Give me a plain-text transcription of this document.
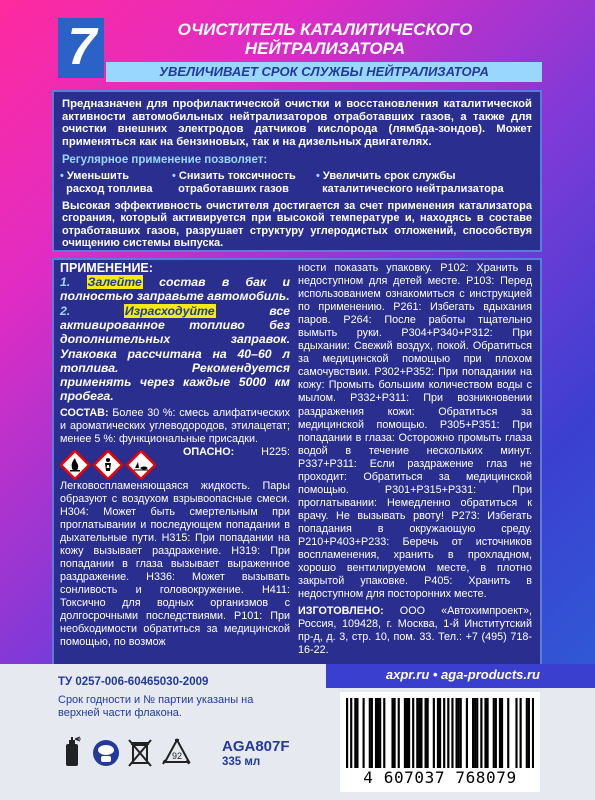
7	ОЧИСТИТЕЛЬ КАТАЛИТИЧЕСКОГО
НЕЙТРАЛИЗАТОРА
УВЕЛИЧИВАЕТ СРОК СЛУЖБЫ НЕЙТРАЛИЗАТОРА
Предназначен для профилактической очистки и восстановления каталитической активности автомобильных нейтрализаторов отработавших газов, а также для очистки внешних электродов датчиков кислорода (лямбда-зондов). Может применяться как на бензиновых, так и на дизельных двигателях.
Регулярное применение позволяет:
• Уменьшить
расход топлива
• Снизить токсичность
отработавших газов
• Увеличить срок службы
каталитического нейтрализатора
Высокая эффективность очистителя достигается за счет применения катализатора сгорания, который активируется при высокой температуре и, находясь в составе отработавших газов, разрушает структуру углеродистых отложений, способствуя очищению системы выпуска.
ПРИМЕНЕНИЕ:
1. Залейте состав в бак и полностью заправьте автомобиль.
2.	Израсходуйте все активированное топливо без дополнительных заправок. Упаковка рассчитана на 40–60 л топлива. Рекомендуется применять через каждые 5000 км пробега.
СОСТАВ: Более 30 %: смесь алифатических и ароматических углеводородов, этилацетат; менее 5 %: функциональные присадки.
ОПАСНО: H225: Легковоспламеняющаяся жидкость. Пары образуют с воздухом взрывоопасные смеси. H304: Может быть смертельным при проглатывании и последующем попадании в дыхательные пути. H315: При попадании на кожу вызывает раздражение. H319: При попадании в глаза вызывает выраженное раздражение. H336: Может вызывать сонливость и головокружение. H411: Токсично для водных организмов с долгосрочными последствиями. P101: При необходимости обратиться за медицинской помощью, по возмож
ности показать упаковку. P102: Хранить в недоступном для детей месте. P103: Перед использованием ознакомиться с инструкцией по применению. P261: Избегать вдыхания паров. P264: После работы тщательно вымыть руки. P304+P340+P312: При вдыхании: Свежий воздух, покой. Обратиться за медицинской помощью при плохом самочувствии. P302+P352: При попадании на кожу: Промыть большим количеством воды с мылом. P332+P311: При возникновении раздражения кожи: Обратиться за медицинской помощью. P305+P351: При попадании в глаза: Осторожно промыть глаза водой в течение нескольких минут. P337+P311: Если раздражение глаз не проходит: Обратиться за медицинской помощью. P301+P315+P331: При проглатывании: Немедленно обратиться к врачу. Не вызывать рвоту! P273: Избегать попадания в окружающую среду. P210+P403+P233: Беречь от источников воспламенения, хранить в прохладном, хорошо вентилируемом месте, в плотно закрытой упаковке. P405: Хранить в недоступном для посторонних месте.
ИЗГОТОВЛЕНО: ООО «Автохимпроект», Россия, 109428, г. Москва, 1-й Институтский пр-д, д. 3, стр. 10, пом. 33. Тел.: +7 (495) 718-16-22.
axpr.ru • aga-products.ru
ТУ 0257-006-60465030-2009
Срок годности и № партии указаны на верхней части флакона.
92
AGA807F
335 мл
4 607037 768079
